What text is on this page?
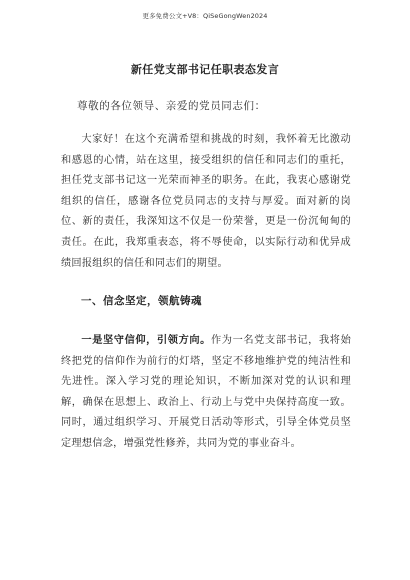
更多免费公文+V8：QiSeGongWen2024
新任党支部书记任职表态发言
尊敬的各位领导、亲爱的党员同志们：

大家好！在这个充满希望和挑战的时刻，我怀着无比激动和感恩的心情，站在这里，接受组织的信任和同志们的重托，担任党支部书记这一光荣而神圣的职务。在此，我衷心感谢党组织的信任，感谢各位党员同志的支持与厚爱。面对新的岗位、新的责任，我深知这不仅是一份荣誉，更是一份沉甸甸的责任。在此，我郑重表态，将不辱使命，以实际行动和优异成绩回报组织的信任和同志们的期望。

一、信念坚定，领航铸魂

一是坚守信仰，引领方向。作为一名党支部书记，我将始终把党的信仰作为前行的灯塔，坚定不移地维护党的纯洁性和先进性。深入学习党的理论知识，不断加深对党的认识和理解，确保在思想上、政治上、行动上与党中央保持高度一致。同时，通过组织学习、开展党日活动等形式，引导全体党员坚定理想信念，增强党性修养，共同为党的事业奋斗。
